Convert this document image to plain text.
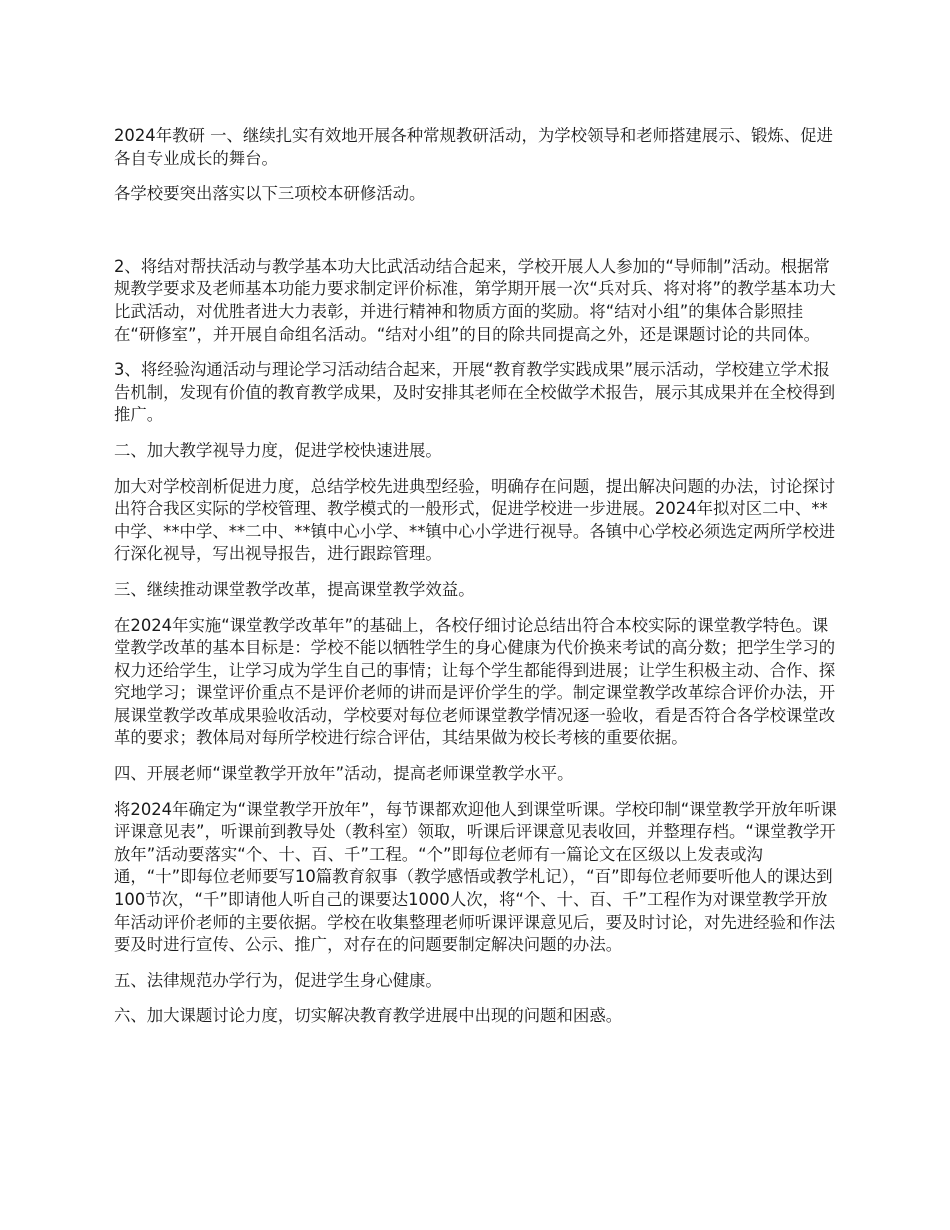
2024年教研 一、继续扎实有效地开展各种常规教研活动，为学校领导和老师搭建展示、锻炼、促进各自专业成长的舞台。

各学校要突出落实以下三项校本研修活动。

2、将结对帮扶活动与教学基本功大比武活动结合起来，学校开展人人参加的“导师制”活动。根据常规教学要求及老师基本功能力要求制定评价标准，第学期开展一次“兵对兵、将对将”的教学基本功大比武活动，对优胜者进大力表彰，并进行精神和物质方面的奖励。将“结对小组”的集体合影照挂在“研修室”，并开展自命组名活动。“结对小组”的目的除共同提高之外，还是课题讨论的共同体。

3、将经验沟通活动与理论学习活动结合起来，开展“教育教学实践成果”展示活动，学校建立学术报告机制，发现有价值的教育教学成果，及时安排其老师在全校做学术报告，展示其成果并在全校得到推广。

二、加大教学视导力度，促进学校快速进展。

加大对学校剖析促进力度，总结学校先进典型经验，明确存在问题，提出解决问题的办法，讨论探讨出符合我区实际的学校管理、教学模式的一般形式，促进学校进一步进展。2024年拟对区二中、**中学、**中学、**二中、**镇中心小学、**镇中心小学进行视导。各镇中心学校必须选定两所学校进行深化视导，写出视导报告，进行跟踪管理。

三、继续推动课堂教学改革，提高课堂教学效益。

在2024年实施“课堂教学改革年”的基础上，各校仔细讨论总结出符合本校实际的课堂教学特色。课堂教学改革的基本目标是：学校不能以牺牲学生的身心健康为代价换来考试的高分数；把学生学习的权力还给学生，让学习成为学生自己的事情；让每个学生都能得到进展；让学生积极主动、合作、探究地学习；课堂评价重点不是评价老师的讲而是评价学生的学。制定课堂教学改革综合评价办法，开展课堂教学改革成果验收活动，学校要对每位老师课堂教学情况逐一验收，看是否符合各学校课堂改革的要求；教体局对每所学校进行综合评估，其结果做为校长考核的重要依据。

四、开展老师“课堂教学开放年”活动，提高老师课堂教学水平。

将2024年确定为“课堂教学开放年”，每节课都欢迎他人到课堂听课。学校印制“课堂教学开放年听课评课意见表”，听课前到教导处（教科室）领取，听课后评课意见表收回，并整理存档。“课堂教学开放年”活动要落实“个、十、百、千”工程。“个”即每位老师有一篇论文在区级以上发表或沟通，“十”即每位老师要写10篇教育叙事（教学感悟或教学札记），“百”即每位老师要听他人的课达到100节次，“千”即请他人听自己的课要达1000人次，将“个、十、百、千”工程作为对课堂教学开放年活动评价老师的主要依据。学校在收集整理老师听课评课意见后，要及时讨论，对先进经验和作法要及时进行宣传、公示、推广，对存在的问题要制定解决问题的办法。

五、法律规范办学行为，促进学生身心健康。

六、加大课题讨论力度，切实解决教育教学进展中出现的问题和困惑。
